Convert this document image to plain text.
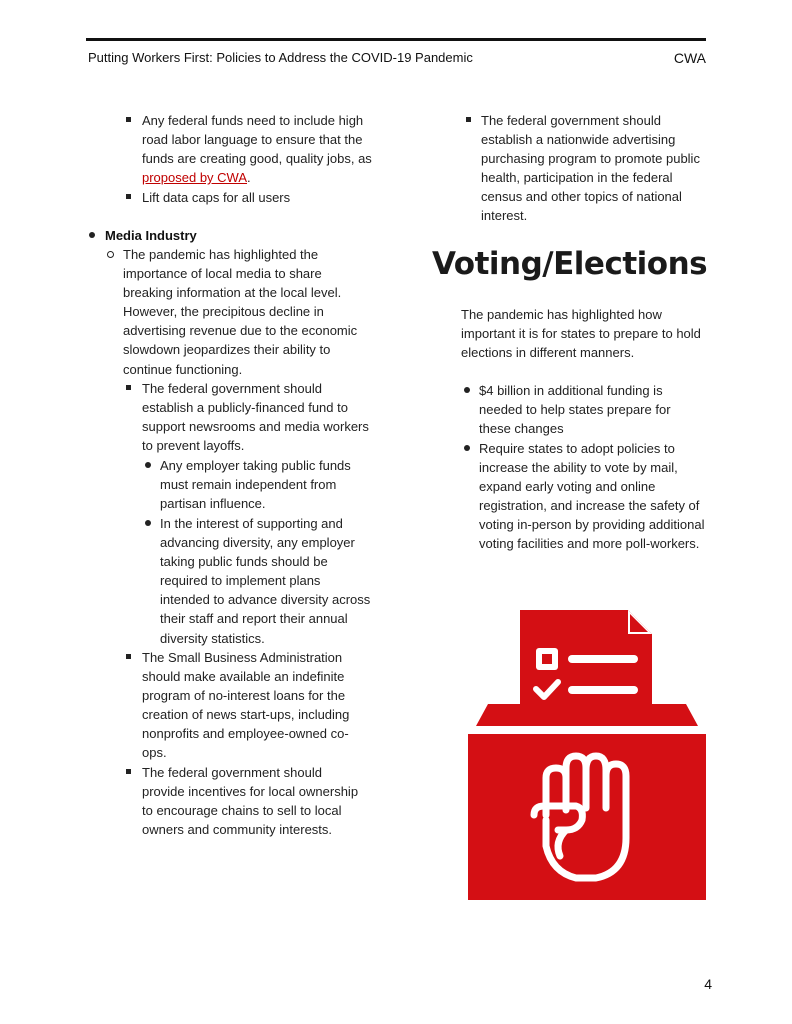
Putting Workers First: Policies to Address the COVID-19 Pandemic	CWA
Any federal funds need to include high road labor language to ensure that the funds are creating good, quality jobs, as proposed by CWA.
Lift data caps for all users
Media Industry
The pandemic has highlighted the importance of local media to share breaking information at the local level. However, the precipitous decline in advertising revenue due to the economic slowdown jeopardizes their ability to continue functioning.
The federal government should establish a publicly-financed fund to support newsrooms and media workers to prevent layoffs.
Any employer taking public funds must remain independent from partisan influence.
In the interest of supporting and advancing diversity, any employer taking public funds should be required to implement plans intended to advance diversity across their staff and report their annual diversity statistics.
The Small Business Administration should make available an indefinite program of no-interest loans for the creation of news start-ups, including nonprofits and employee-owned co-ops.
The federal government should provide incentives for local ownership to encourage chains to sell to local owners and community interests.
The federal government should establish a nationwide advertising purchasing program to promote public health, participation in the federal census and other topics of national interest.
Voting/Elections
The pandemic has highlighted how important it is for states to prepare to hold elections in different manners.
$4 billion in additional funding is needed to help states prepare for these changes
Require states to adopt policies to increase the ability to vote by mail, expand early voting and online registration, and increase the safety of voting in-person by providing additional voting facilities and more poll-workers.
4
